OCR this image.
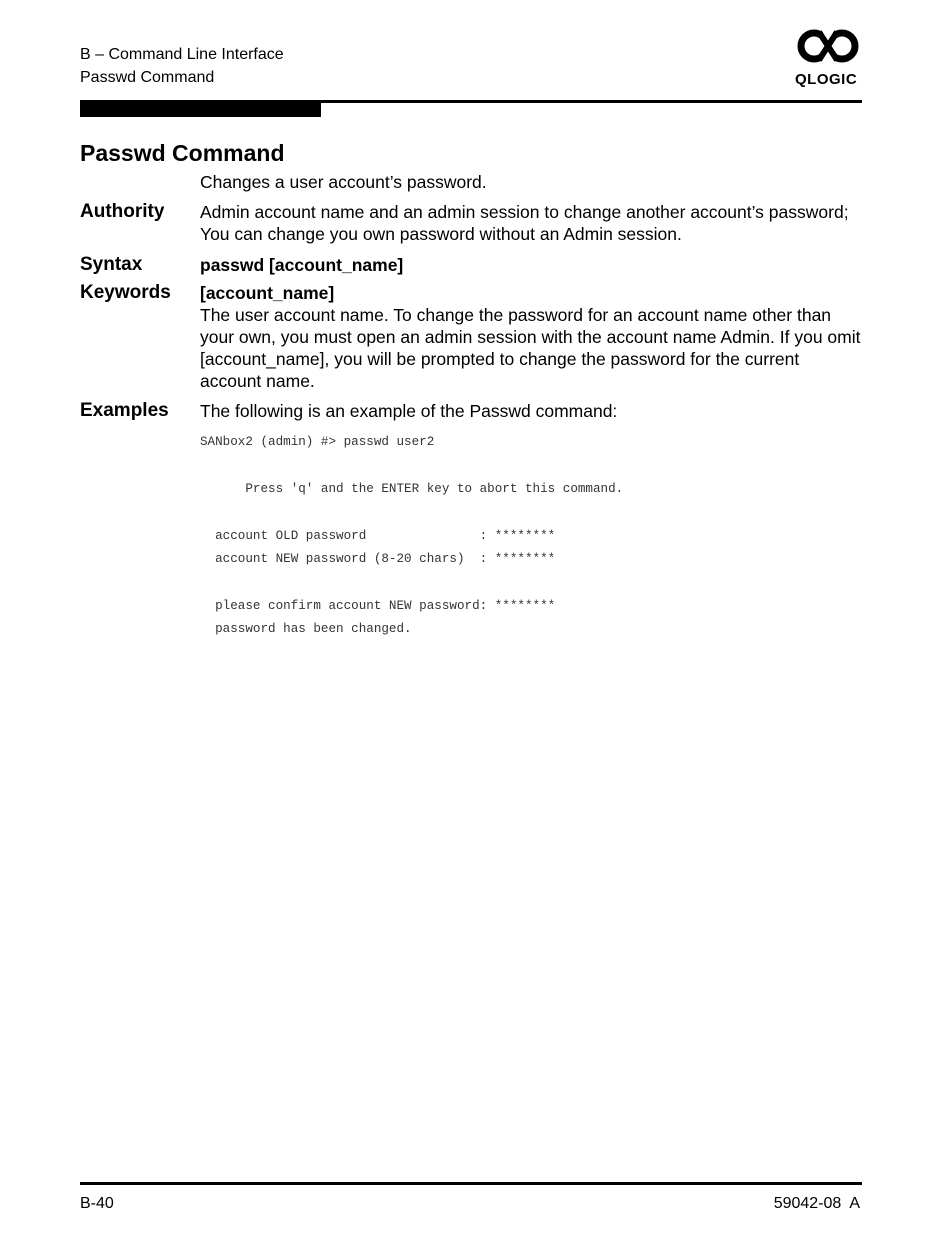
B – Command Line Interface
Passwd Command	QLOGIC
Passwd Command
Changes a user account’s password.
Authority Admin account name and an admin session to change another account’s password; You can change you own password without an Admin session.
Syntax	passwd [account_name]
Keywords [account_name]
The user account name. To change the password for an account name other than your own, you must open an admin session with the account name Admin. If you omit [account_name], you will be prompted to change the password for the current account name.
Examples The following is an example of the Passwd command:
SANbox2 (admin) #> passwd user2

Press 'q' and the ENTER key to abort this command.

account OLD password               : ********
account NEW password (8-20 chars)  : ********

please confirm account NEW password: ********
password has been changed.
B-40	59042-08  A
